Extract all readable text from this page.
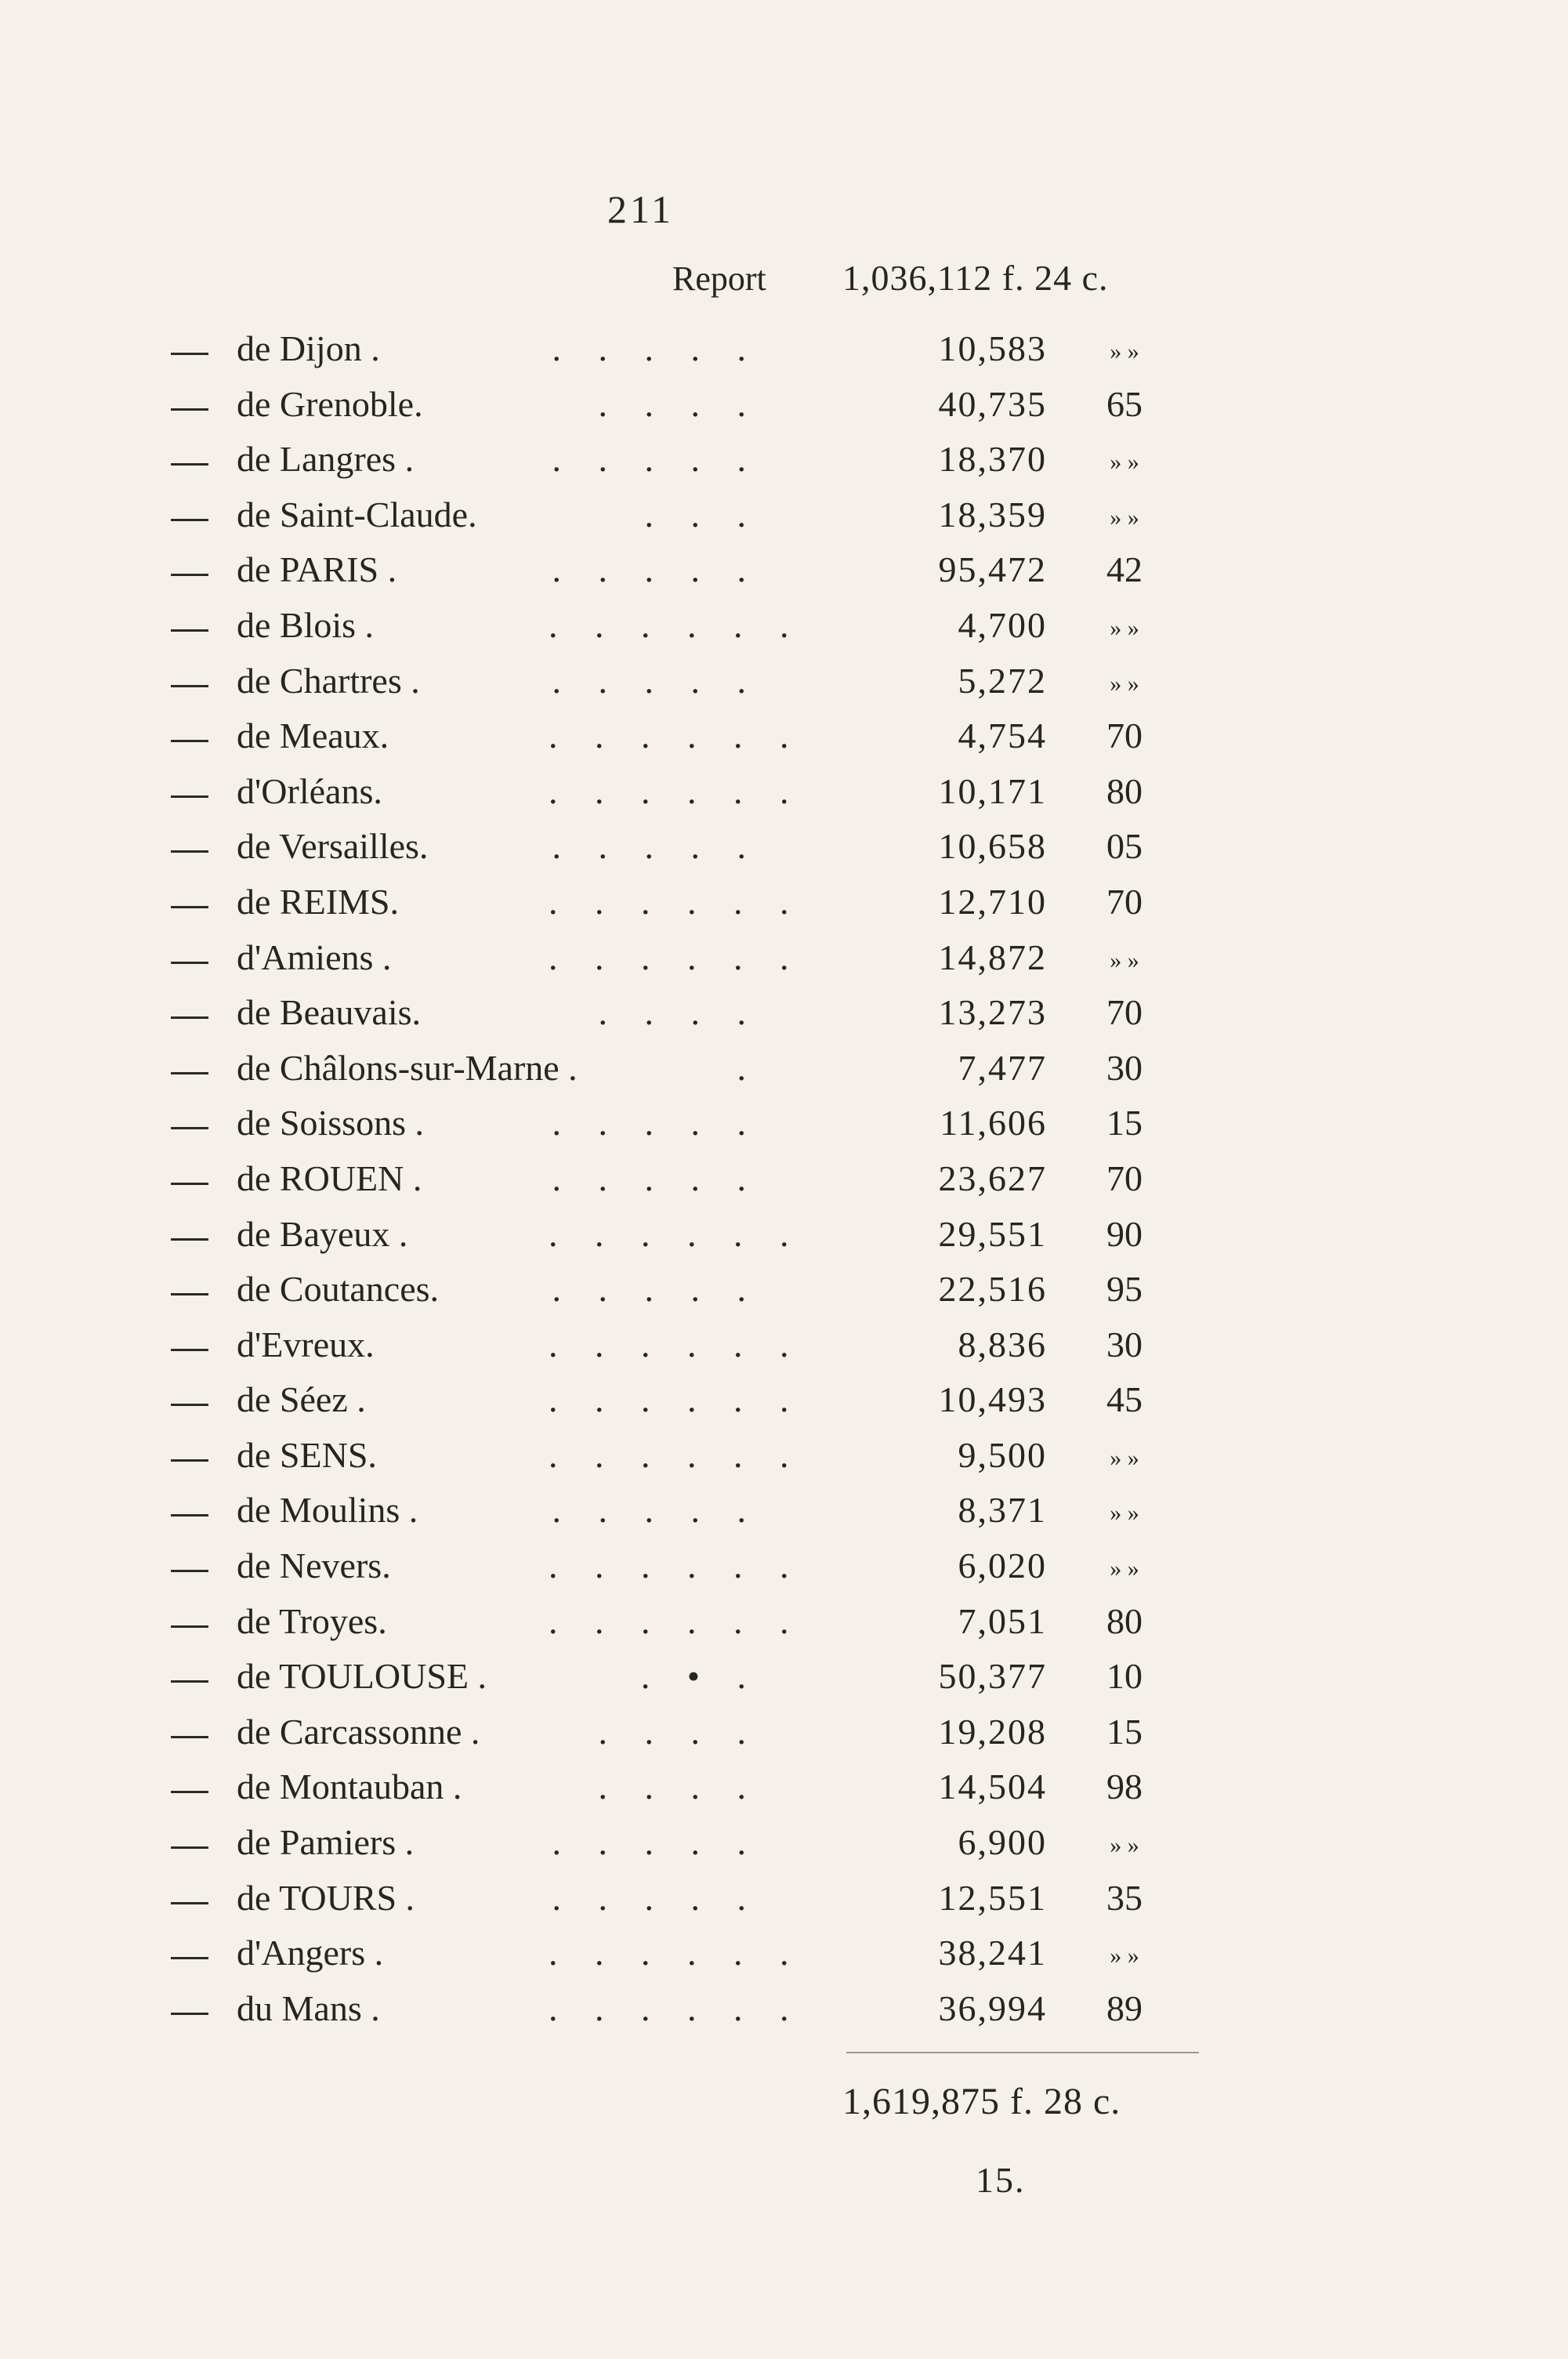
211
Report 1,036,112 f. 24 c.
de Dijon .	. . . . .	10,583	» »
de Grenoble.	. . . .	40,735 65
de Langres .	. . . . .	18,370	» »
de Saint-Claude.	. . .	18,359	» »
de PARIS .	. . . . .	95,472 42
de Blois .	. . . . . .	4,700	» »
de Chartres .	. . . . .	5,272	» »
de Meaux.	. . . . . .	4,754 70
d'Orléans.	. . . . . .	10,171 80
de Versailles.	. . . . .	10,658 05
de REIMS.	. . . . . .	12,710 70
d'Amiens .	. . . . . .	14,872	» »
de Beauvais.	. . . .	13,273 70
de Châlons-sur-Marne .	.	7,477 30
de Soissons .	. . . . .	11,606 15
de ROUEN .	. . . . .	23,627 70
de Bayeux .	. . . . . .	29,551 90
de Coutances.	. . . . .	22,516 95
d'Evreux.	. . . . . .	8,836 30
de Séez .	. . . . . .	10,493 45
de SENS.	. . . . . .	9,500	» »
de Moulins .	. . . . .	8,371	» »
de Nevers.	. . . . . .	6,020	» »
de Troyes.	. . . . . .	7,051 80
de TOULOUSE .	. • .	50,377 10
de Carcassonne .	. . . .	19,208 15
de Montauban .	. . . .	14,504 98
de Pamiers .	. . . . .	6,900	» »
de TOURS .	. . . . .	12,551 35
d'Angers .	. . . . . .	38,241	» »
du Mans .	. . . . . .	36,994 89
1,619,875 f. 28 c.
15.
